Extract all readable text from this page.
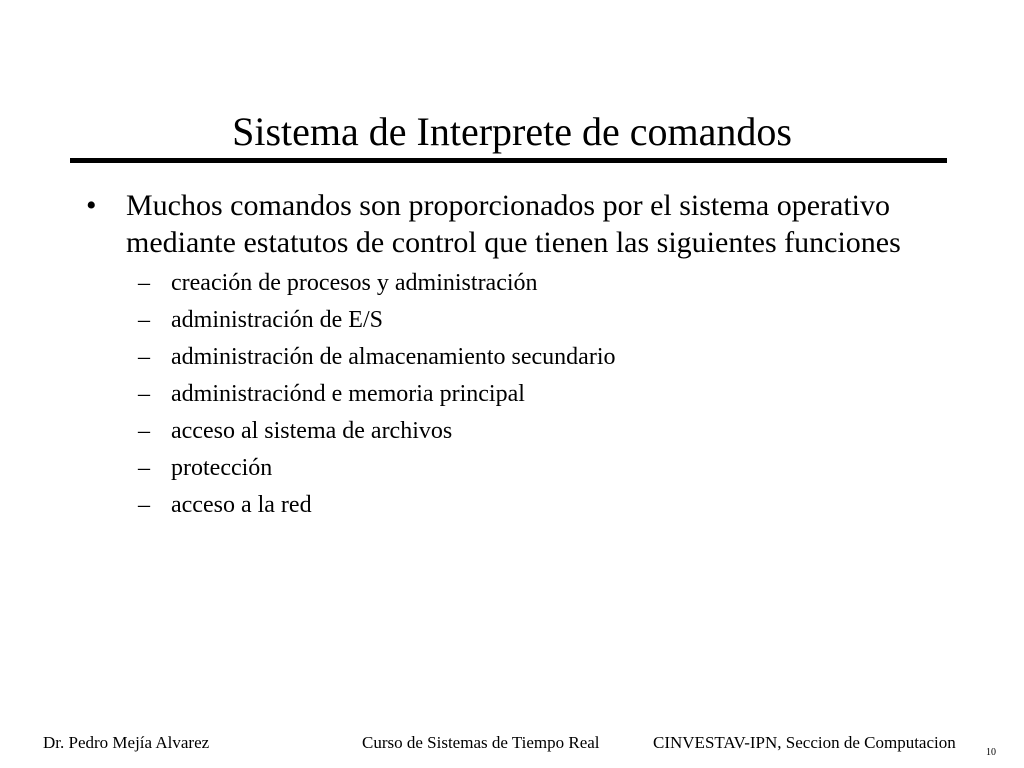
Sistema de Interprete de comandos
• Muchos comandos son proporcionados por el sistema operativo mediante estatutos de control que tienen las siguientes funciones
– creación de procesos y administración
– administración de E/S
– administración de almacenamiento secundario
– administraciónd e memoria principal
– acceso al sistema de archivos
– protección
– acceso a la red
Dr. Pedro Mejía Alvarez	Curso de Sistemas de Tiempo Real	CINVESTAV-IPN, Seccion de Computacion
10
